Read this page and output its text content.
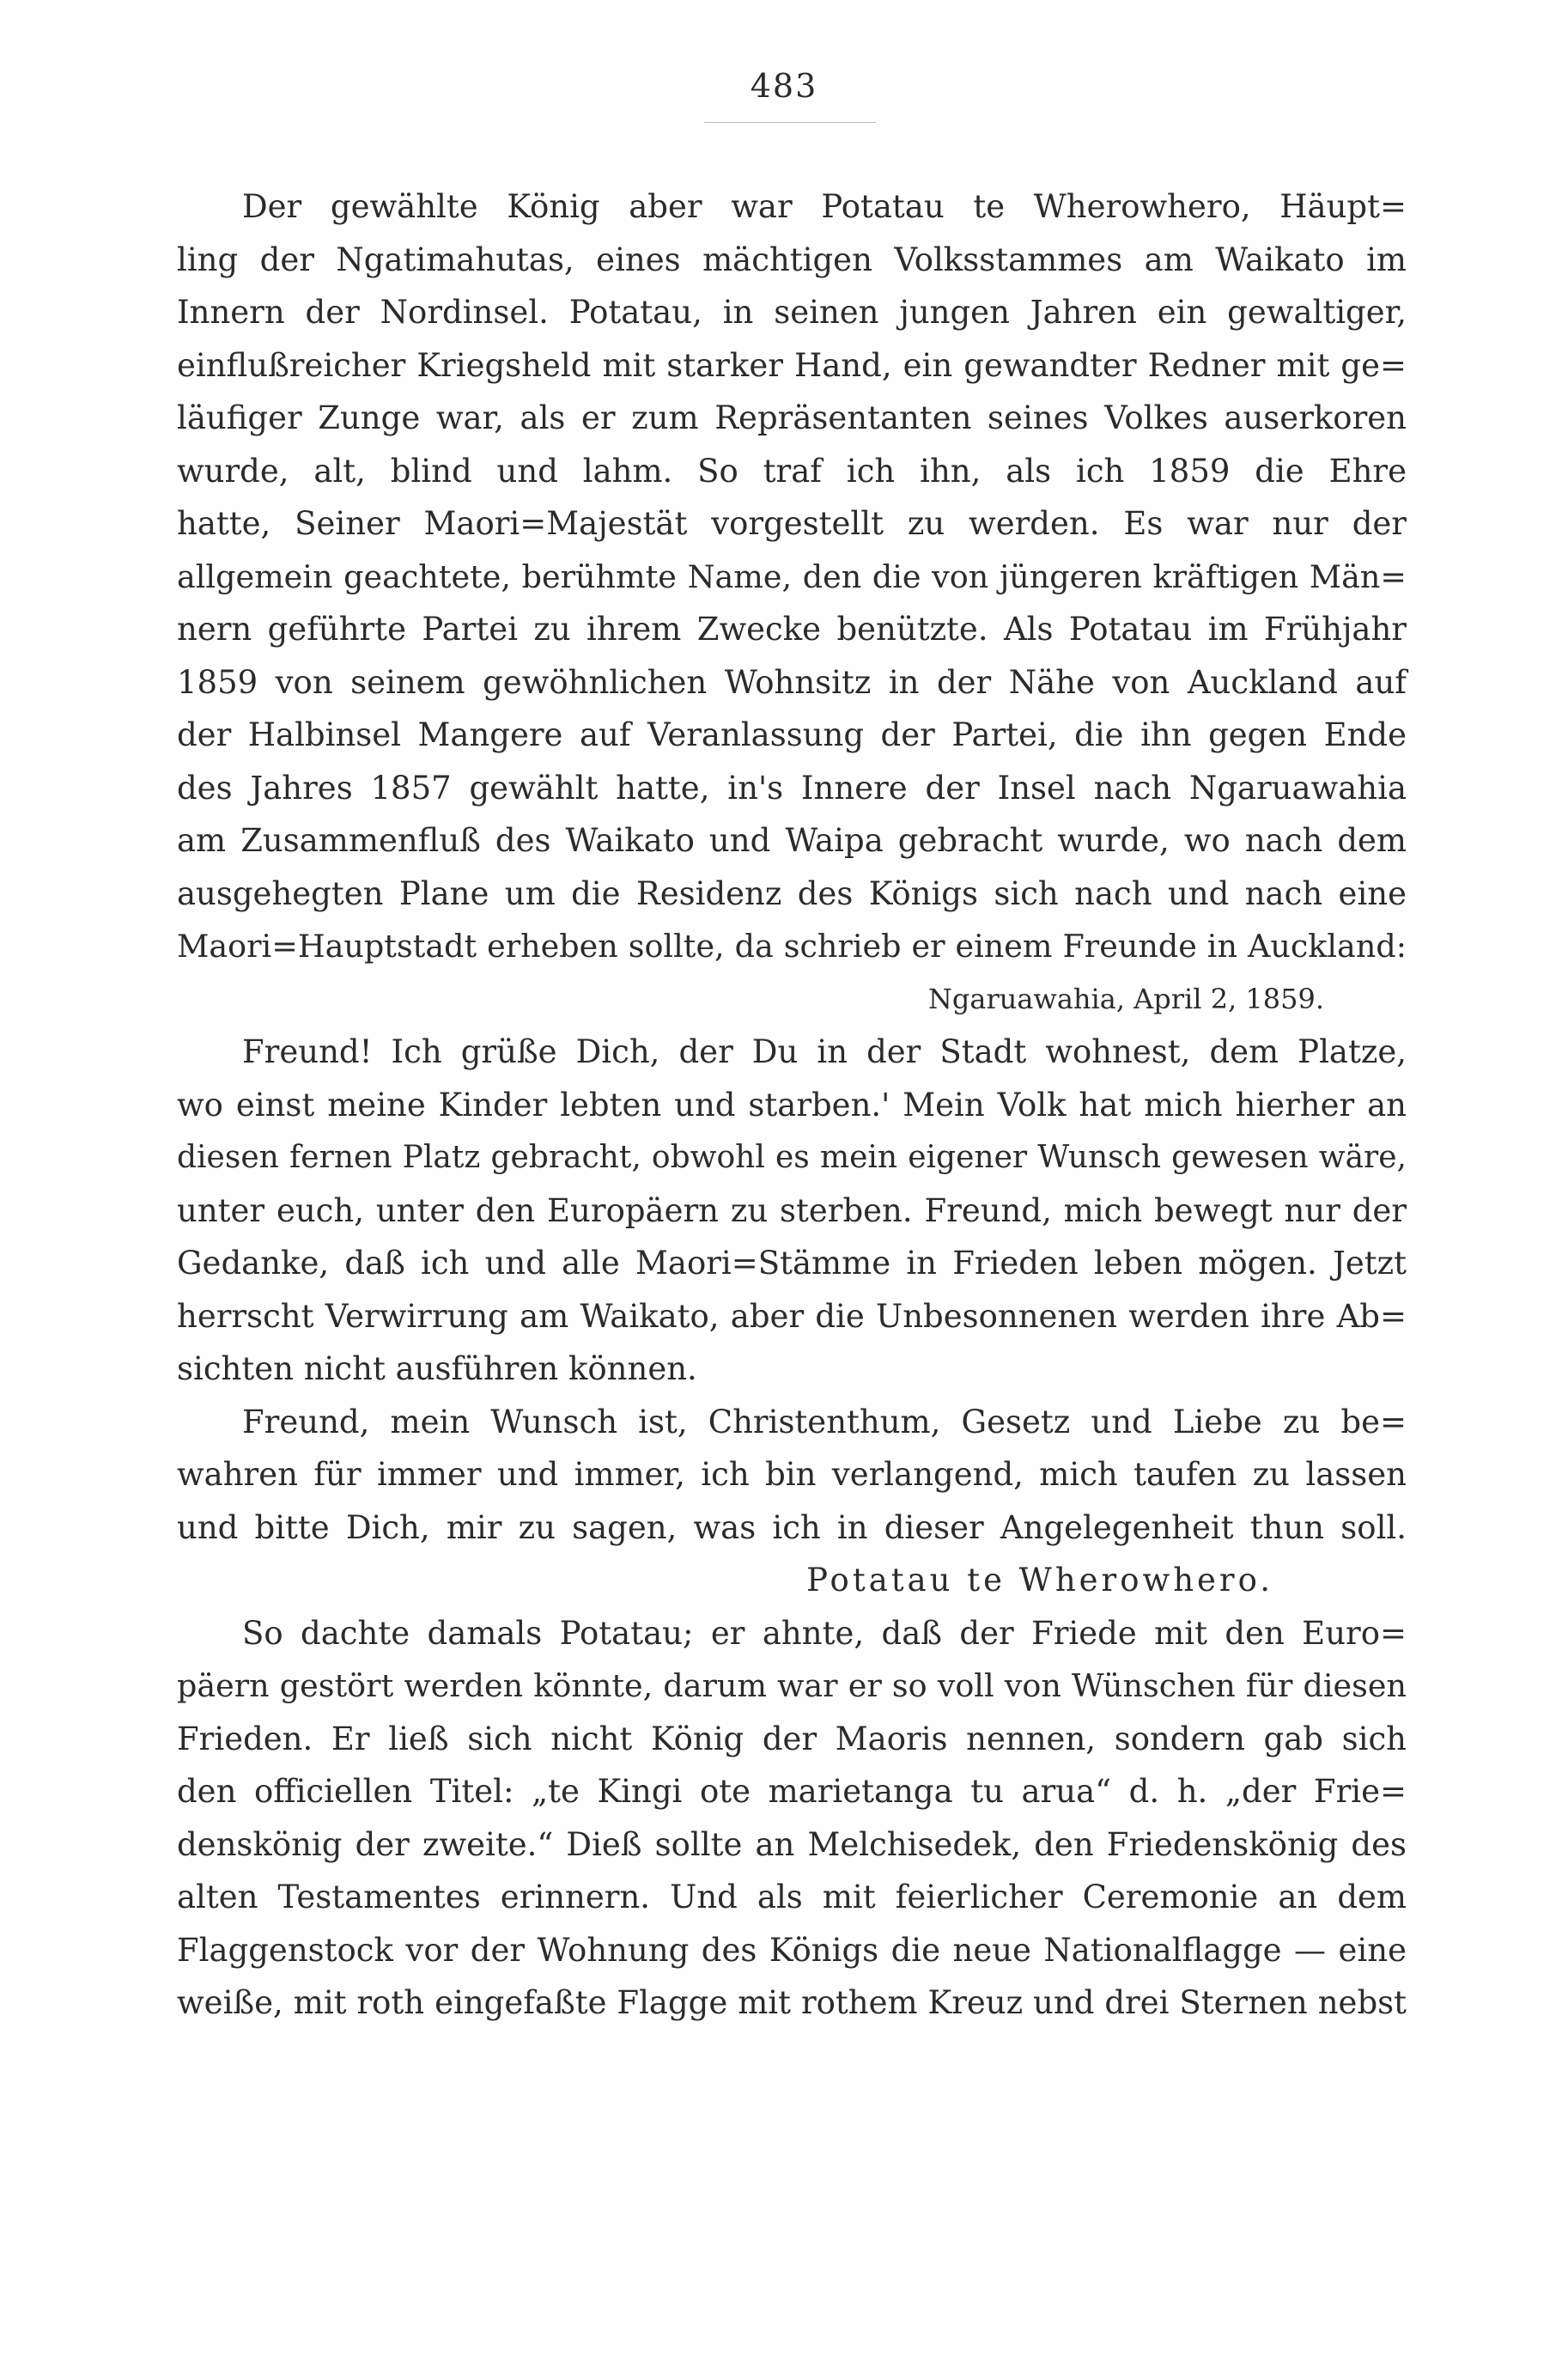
483
Der gewählte König aber war Potatau te Wherowhero, Häupt=
ling der Ngatimahutas, eines mächtigen Volksstammes am Waikato im
Innern der Nordinsel. Potatau, in seinen jungen Jahren ein gewaltiger,
einflußreicher Kriegsheld mit starker Hand, ein gewandter Redner mit ge=
läufiger Zunge war, als er zum Repräsentanten seines Volkes auserkoren
wurde, alt, blind und lahm. So traf ich ihn, als ich 1859 die Ehre
hatte, Seiner Maori=Majestät vorgestellt zu werden. Es war nur der
allgemein geachtete, berühmte Name, den die von jüngeren kräftigen Män=
nern geführte Partei zu ihrem Zwecke benützte. Als Potatau im Frühjahr
1859 von seinem gewöhnlichen Wohnsitz in der Nähe von Auckland auf
der Halbinsel Mangere auf Veranlassung der Partei, die ihn gegen Ende
des Jahres 1857 gewählt hatte, in's Innere der Insel nach Ngaruawahia
am Zusammenfluß des Waikato und Waipa gebracht wurde, wo nach dem
ausgehegten Plane um die Residenz des Königs sich nach und nach eine
Maori=Hauptstadt erheben sollte, da schrieb er einem Freunde in Auckland:
Ngaruawahia, April 2, 1859.
Freund! Ich grüße Dich, der Du in der Stadt wohnest, dem Platze,
wo einst meine Kinder lebten und starben.' Mein Volk hat mich hierher an
diesen fernen Platz gebracht, obwohl es mein eigener Wunsch gewesen wäre,
unter euch, unter den Europäern zu sterben. Freund, mich bewegt nur der
Gedanke, daß ich und alle Maori=Stämme in Frieden leben mögen. Jetzt
herrscht Verwirrung am Waikato, aber die Unbesonnenen werden ihre Ab=
sichten nicht ausführen können.
Freund, mein Wunsch ist, Christenthum, Gesetz und Liebe zu be=
wahren für immer und immer, ich bin verlangend, mich taufen zu lassen
und bitte Dich, mir zu sagen, was ich in dieser Angelegenheit thun soll.
Potatau te Wherowhero.
So dachte damals Potatau; er ahnte, daß der Friede mit den Euro=
päern gestört werden könnte, darum war er so voll von Wünschen für diesen
Frieden. Er ließ sich nicht König der Maoris nennen, sondern gab sich
den officiellen Titel: „te Kingi ote marietanga tu arua“ d. h. „der Frie=
denskönig der zweite.“ Dieß sollte an Melchisedek, den Friedenskönig des
alten Testamentes erinnern. Und als mit feierlicher Ceremonie an dem
Flaggenstock vor der Wohnung des Königs die neue Nationalflagge — eine
weiße, mit roth eingefaßte Flagge mit rothem Kreuz und drei Sternen nebst
